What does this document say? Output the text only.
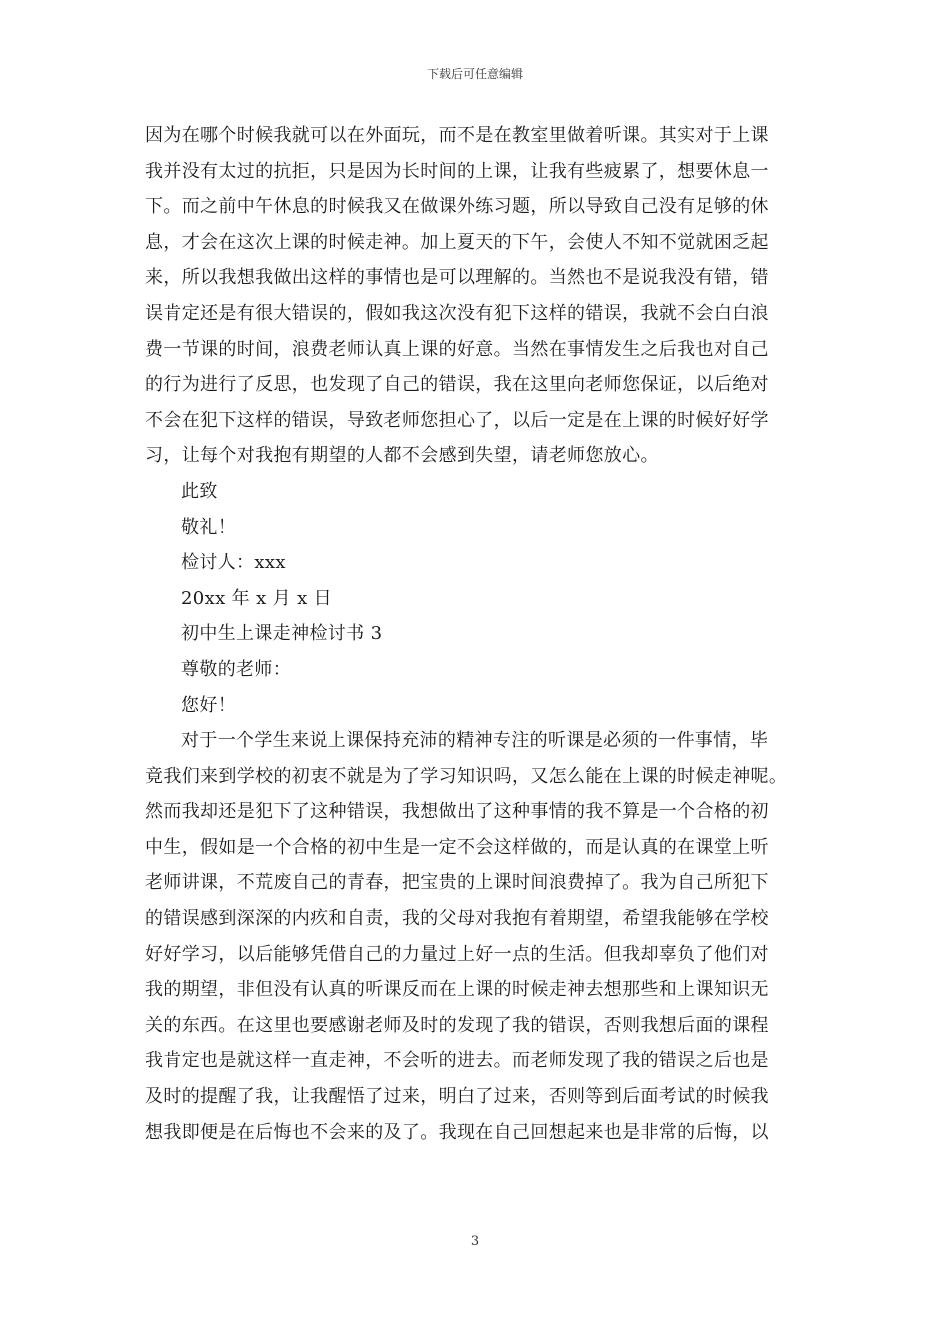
下载后可任意编辑
因为在哪个时候我就可以在外面玩，而不是在教室里做着听课。其实对于上课
我并没有太过的抗拒，只是因为长时间的上课，让我有些疲累了，想要休息一
下。而之前中午休息的时候我又在做课外练习题，所以导致自己没有足够的休
息，才会在这次上课的时候走神。加上夏天的下午，会使人不知不觉就困乏起
来，所以我想我做出这样的事情也是可以理解的。当然也不是说我没有错，错
误肯定还是有很大错误的，假如我这次没有犯下这样的错误，我就不会白白浪
费一节课的时间，浪费老师认真上课的好意。当然在事情发生之后我也对自己
的行为进行了反思，也发现了自己的错误，我在这里向老师您保证，以后绝对
不会在犯下这样的错误，导致老师您担心了，以后一定是在上课的时候好好学
习，让每个对我抱有期望的人都不会感到失望，请老师您放心。
此致
敬礼！
检讨人：xxx
20xx 年 x 月 x 日
初中生上课走神检讨书 3
尊敬的老师：
您好！
对于一个学生来说上课保持充沛的精神专注的听课是必须的一件事情，毕
竟我们来到学校的初衷不就是为了学习知识吗，又怎么能在上课的时候走神呢。
然而我却还是犯下了这种错误，我想做出了这种事情的我不算是一个合格的初
中生，假如是一个合格的初中生是一定不会这样做的，而是认真的在课堂上听
老师讲课，不荒废自己的青春，把宝贵的上课时间浪费掉了。我为自己所犯下
的错误感到深深的内疚和自责，我的父母对我抱有着期望，希望我能够在学校
好好学习，以后能够凭借自己的力量过上好一点的生活。但我却辜负了他们对
我的期望，非但没有认真的听课反而在上课的时候走神去想那些和上课知识无
关的东西。在这里也要感谢老师及时的发现了我的错误，否则我想后面的课程
我肯定也是就这样一直走神，不会听的进去。而老师发现了我的错误之后也是
及时的提醒了我，让我醒悟了过来，明白了过来，否则等到后面考试的时候我
想我即便是在后悔也不会来的及了。我现在自己回想起来也是非常的后悔，以
3
